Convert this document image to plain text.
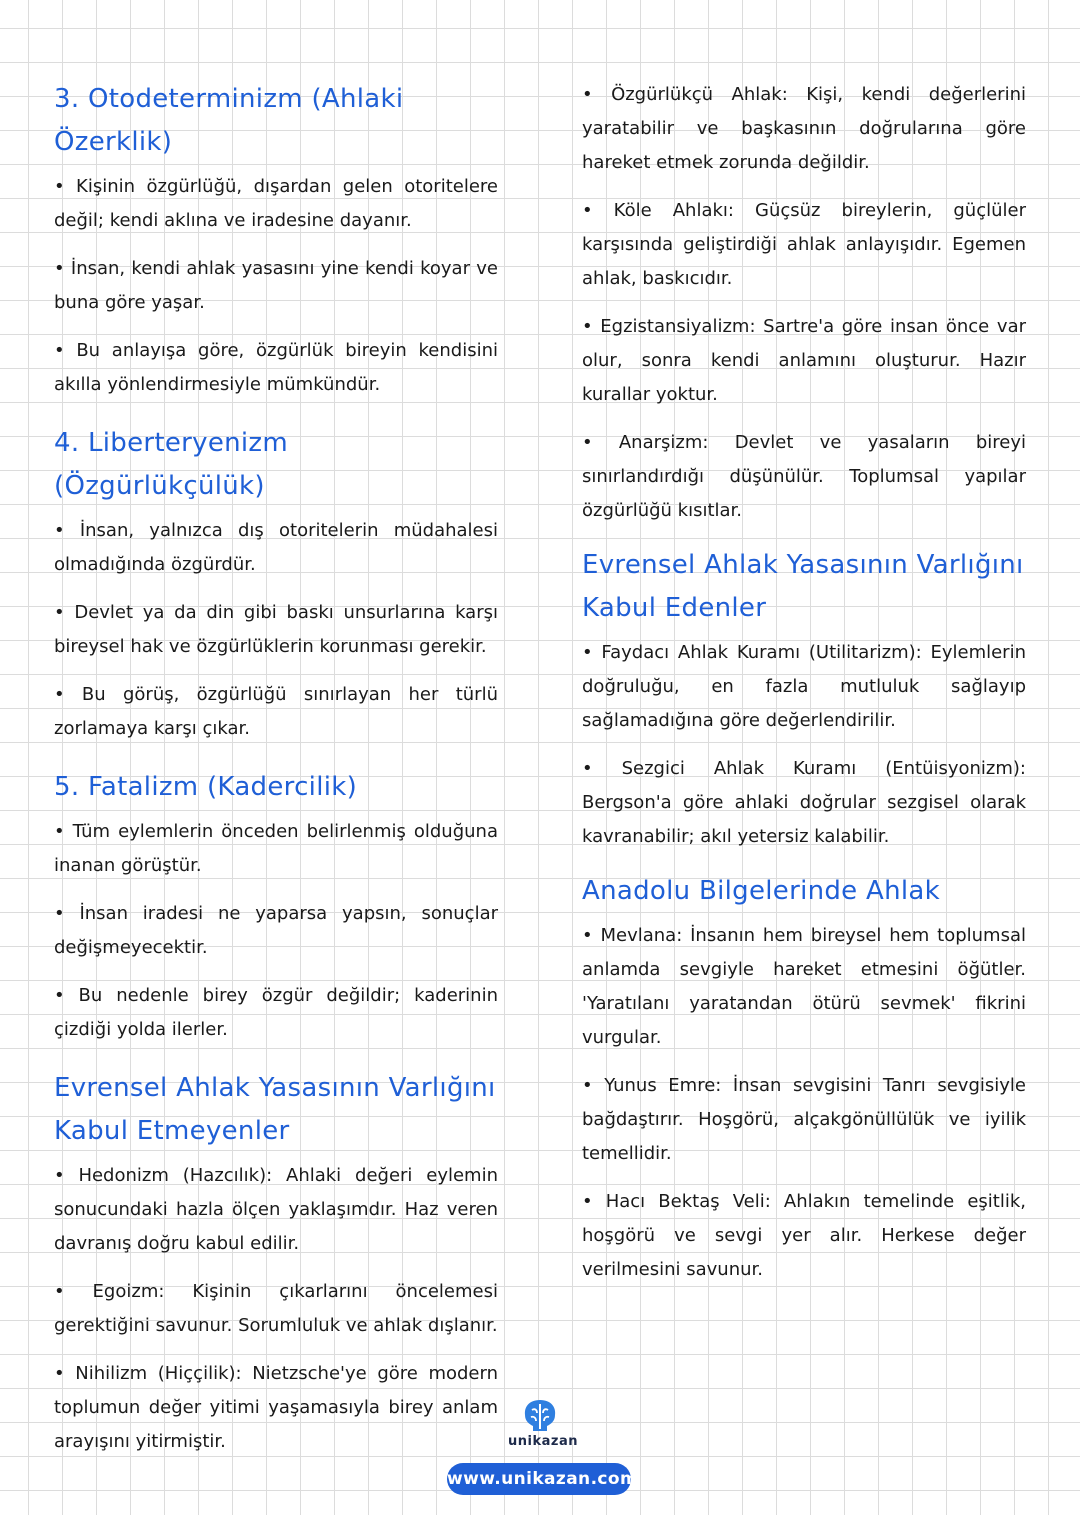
3. Otodeterminizm (Ahlaki Özerklik)

• Kişinin özgürlüğü, dışardan gelen otoritelere değil; kendi aklına ve iradesine dayanır.

• İnsan, kendi ahlak yasasını yine kendi koyar ve buna göre yaşar.

• Bu anlayışa göre, özgürlük bireyin kendisini akılla yönlendirmesiyle mümkündür.

4. Liberteryenizm (Özgürlükçülük)

• İnsan, yalnızca dış otoritelerin müdahalesi olmadığında özgürdür.

• Devlet ya da din gibi baskı unsurlarına karşı bireysel hak ve özgürlüklerin korunması gerekir.

• Bu görüş, özgürlüğü sınırlayan her türlü zorlamaya karşı çıkar.

5. Fatalizm (Kadercilik)

• Tüm eylemlerin önceden belirlenmiş olduğuna inanan görüştür.

• İnsan iradesi ne yaparsa yapsın, sonuçlar değişmeyecektir.

• Bu nedenle birey özgür değildir; kaderinin çizdiği yolda ilerler.

Evrensel Ahlak Yasasının Varlığını
Kabul Etmeyenler

• Hedonizm (Hazcılık): Ahlaki değeri eylemin sonucundaki hazla ölçen yaklaşımdır. Haz veren davranış doğru kabul edilir.

• Egoizm: Kişinin çıkarlarını öncelemesi gerektiğini savunur. Sorumluluk ve ahlak dışlanır.

• Nihilizm (Hiççilik): Nietzsche'ye göre modern toplumun değer yitimi yaşamasıyla birey anlam arayışını yitirmiştir.

• Özgürlükçü Ahlak: Kişi, kendi değerlerini yaratabilir ve başkasının doğrularına göre hareket etmek zorunda değildir.

• Köle Ahlakı: Güçsüz bireylerin, güçlüler karşısında geliştirdiği ahlak anlayışıdır. Egemen ahlak, baskıcıdır.

• Egzistansiyalizm: Sartre'a göre insan önce var olur, sonra kendi anlamını oluşturur. Hazır kurallar yoktur.

• Anarşizm: Devlet ve yasaların bireyi sınırlandırdığı düşünülür. Toplumsal yapılar özgürlüğü kısıtlar.

Evrensel Ahlak Yasasının Varlığını
Kabul Edenler

• Faydacı Ahlak Kuramı (Utilitarizm): Eylemlerin doğruluğu, en fazla mutluluk sağlayıp sağlamadığına göre değerlendirilir.

• Sezgici Ahlak Kuramı (Entüisyonizm): Bergson'a göre ahlaki doğrular sezgisel olarak kavranabilir; akıl yetersiz kalabilir.

Anadolu Bilgelerinde Ahlak

• Mevlana: İnsanın hem bireysel hem toplumsal anlamda sevgiyle hareket etmesini öğütler. 'Yaratılanı yaratandan ötürü sevmek' fikrini vurgular.

• Yunus Emre: İnsan sevgisini Tanrı sevgisiyle bağdaştırır. Hoşgörü, alçakgönüllülük ve iyilik temellidir.

• Hacı Bektaş Veli: Ahlakın temelinde eşitlik, hoşgörü ve sevgi yer alır. Herkese değer verilmesini savunur.

unikazan
www.unikazan.com
